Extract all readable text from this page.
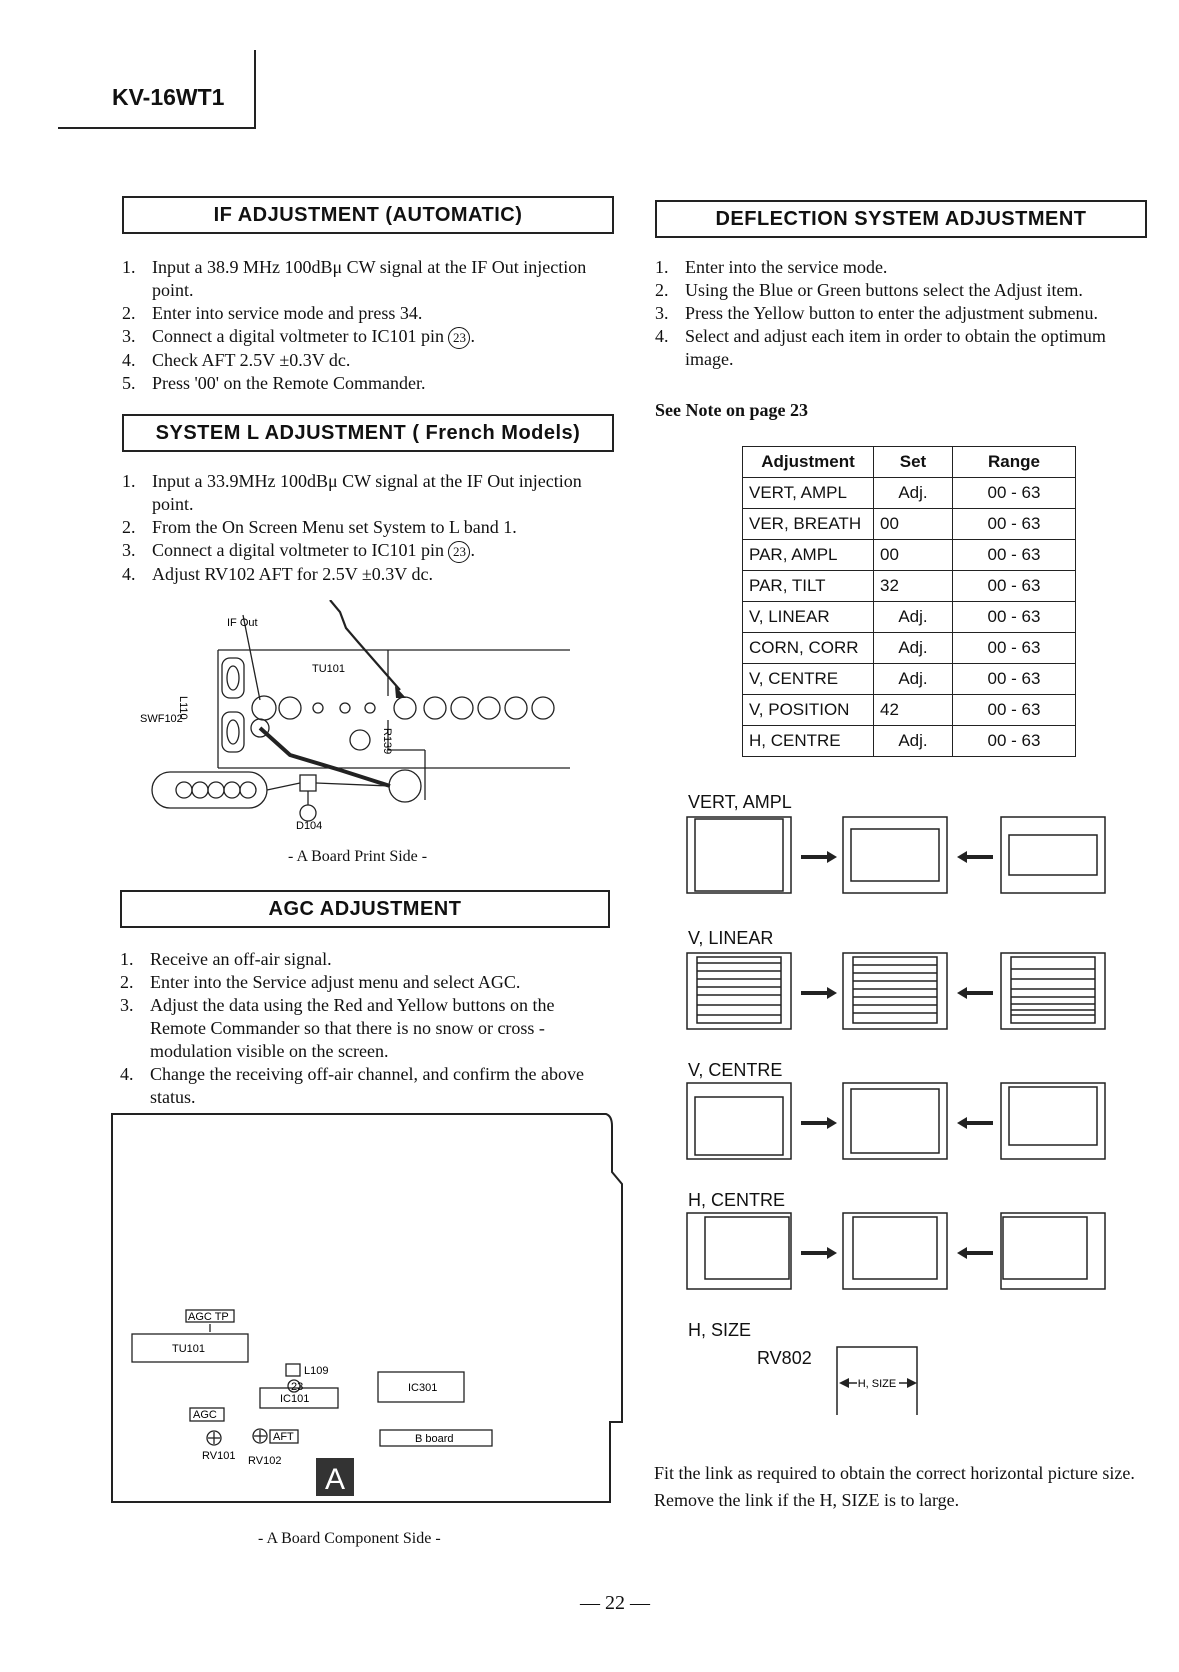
KV-16WT1
IF ADJUSTMENT (AUTOMATIC)
1. Input a 38.9 MHz 100dBμ CW signal at the IF Out injection point.
2. Enter into service mode and press 34.
3. Connect a digital voltmeter to IC101 pin 23 .
4. Check AFT 2.5V ±0.3V dc.
5. Press '00' on the Remote Commander.
SYSTEM L ADJUSTMENT ( French Models)
1. Input a 33.9MHz 100dBμ CW signal at the IF Out injection point.
2. From the On Screen Menu set System to L band 1.
3. Connect a digital voltmeter to IC101 pin 23 .
4. Adjust RV102 AFT for 2.5V ±0.3V dc.
IF Out
TU101
SWF102
D104
L110
R139
- A Board Print Side -
AGC ADJUSTMENT
1. Receive an off-air signal.
2. Enter into the Service adjust menu and select AGC.
3. Adjust the data using the Red and Yellow buttons on the Remote Commander so that there is no snow or cross - modulation visible on the screen.
4. Change the receiving off-air channel, and confirm the above status.
A
AGC TP
TU101
23
L109
IC101
IC301
AGC
AFT	B board
RV101 RV102
- A Board Component Side -
DEFLECTION SYSTEM ADJUSTMENT
1. Enter into the service mode.
2. Using the Blue or Green buttons select the Adjust item.
3. Press the Yellow button to enter the adjustment submenu.
4. Select and adjust each item in order to obtain the optimum image.
See Note on page 23
Adjustment	Set	Range
VERT, AMPL	Adj.	00 - 63
VER, BREATH	00	00 - 63
PAR, AMPL	00	00 - 63
PAR, TILT	32	00 - 63
V, LINEAR	Adj.	00 - 63
CORN, CORR	Adj.	00 - 63
V, CENTRE	Adj.	00 - 63
V, POSITION	42	00 - 63
H, CENTRE	Adj.	00 - 63
VERT, AMPL
V, LINEAR
V, CENTRE
H, CENTRE
H, SIZE
RV802
H, SIZE
Fit the link as required to obtain the correct horizontal picture size. Remove the link if the H, SIZE is to large.
— 22 —
